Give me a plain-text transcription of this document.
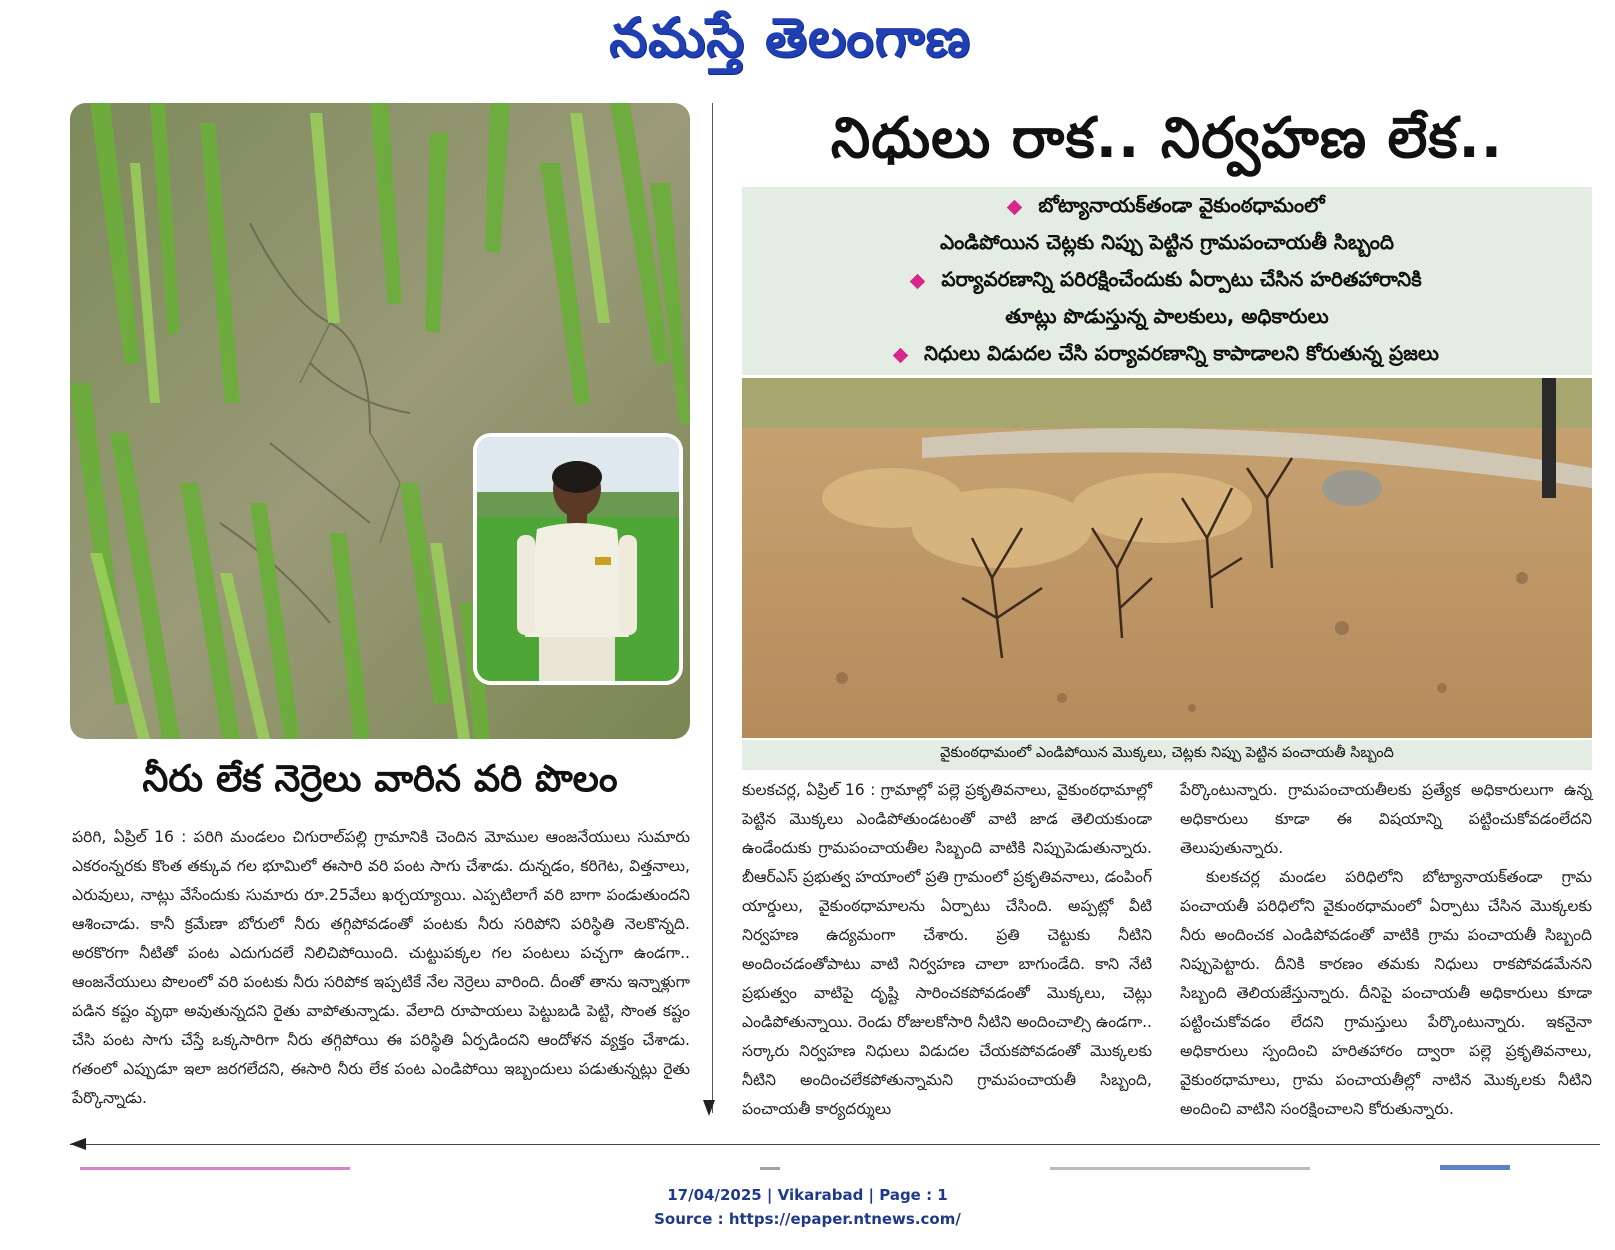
నమస్తే తెలంగాణ
నీరు లేక నెర్రెలు వారిన వరి పొలం
పరిగి, ఏప్రిల్ 16 : పరిగి మండలం చిగురాల్‌పల్లి గ్రామానికి చెందిన మోముల ఆంజనేయులు సుమారు ఎకరంన్నరకు కొంత తక్కువ గల భూమిలో ఈసారి వరి పంట సాగు చేశాడు. దున్నడం, కరిగెట, విత్తనాలు, ఎరువులు, నాట్లు వేసేందుకు సుమారు రూ.25వేలు ఖర్చయ్యాయి. ఎప్పటిలాగే వరి బాగా పండుతుందని ఆశించాడు. కానీ క్రమేణా బోరులో నీరు తగ్గిపోవడంతో పంటకు నీరు సరిపోని పరిస్థితి నెలకొన్నది. అరకొరగా నీటితో పంట ఎదుగుదలే నిలిచిపోయింది. చుట్టుపక్కల గల పంటలు పచ్చగా ఉండగా.. ఆంజనేయులు పొలంలో వరి పంటకు నీరు సరిపోక ఇప్పటికే నేల నెర్రెలు వారింది. దీంతో తాను ఇన్నాళ్లుగా పడిన కష్టం వృథా అవుతున్నదని రైతు వాపోతున్నాడు. వేలాది రూపాయలు పెట్టుబడి పెట్టి, సొంత కష్టం చేసి పంట సాగు చేస్తే ఒక్కసారిగా నీరు తగ్గిపోయి ఈ పరిస్థితి ఏర్పడిందని ఆందోళన వ్యక్తం చేశాడు. గతంలో ఎప్పుడూ ఇలా జరగలేదని, ఈసారి నీరు లేక పంట ఎండిపోయి ఇబ్బందులు పడుతున్నట్లు రైతు పేర్కొన్నాడు.
నిధులు రాక.. నిర్వహణ లేక..
బోట్యానాయక్‌తండా వైకుంఠధామంలో
ఎండిపోయిన చెట్లకు నిప్పు పెట్టిన గ్రామపంచాయతీ సిబ్బంది
పర్యావరణాన్ని పరిరక్షించేందుకు ఏర్పాటు చేసిన హరితహారానికి
తూట్లు పొడుస్తున్న పాలకులు, అధికారులు
నిధులు విడుదల చేసి పర్యావరణాన్ని కాపాడాలని కోరుతున్న ప్రజలు
వైకుంఠధామంలో ఎండిపోయిన మొక్కలు, చెట్లకు నిప్పు పెట్టిన పంచాయతీ సిబ్బంది
కులకచర్ల, ఏప్రిల్ 16 : గ్రామాల్లో పల్లె ప్రకృతివనాలు, వైకుంఠధామాల్లో పెట్టిన మొక్కలు ఎండిపోతుండటంతో వాటి జాడ తెలియకుండా ఉండేందుకు గ్రామపంచాయతీల సిబ్బంది వాటికి నిప్పుపెడుతున్నారు. బీఆర్‌ఎస్ ప్రభుత్వ హయాంలో ప్రతి గ్రామంలో ప్రకృతివనాలు, డంపింగ్ యార్డులు, వైకుంఠధామాలను ఏర్పాటు చేసింది. అప్పట్లో వీటి నిర్వహణ ఉద్యమంగా చేశారు. ప్రతి చెట్టుకు నీటిని అందించడంతోపాటు వాటి నిర్వహణ చాలా బాగుండేది. కాని నేటి ప్రభుత్వం వాటిపై దృష్టి సారించకపోవడంతో మొక్కలు, చెట్లు ఎండిపోతున్నాయి. రెండు రోజులకోసారి నీటిని అందించాల్సి ఉండగా.. సర్కారు నిర్వహణ నిధులు విడుదల చేయకపోవడంతో మొక్కలకు నీటిని అందించలేకపోతున్నామని గ్రామపంచాయతీ సిబ్బంది, పంచాయతీ కార్యదర్శులు
పేర్కొంటున్నారు. గ్రామపంచాయతీలకు ప్రత్యేక అధికారులుగా ఉన్న అధికారులు కూడా ఈ విషయాన్ని పట్టించుకోవడంలేదని తెలుపుతున్నారు.

కులకచర్ల మండల పరిధిలోని బోట్యానాయక్‌తండా గ్రామ పంచాయతీ పరిధిలోని వైకుంఠధామంలో ఏర్పాటు చేసిన మొక్కలకు నీరు అందించక ఎండిపోవడంతో వాటికి గ్రామ పంచాయతీ సిబ్బంది నిప్పుపెట్టారు. దీనికి కారణం తమకు నిధులు రాకపోవడమేనని సిబ్బంది తెలియజేస్తున్నారు. దీనిపై పంచాయతీ అధికారులు కూడా పట్టించుకోవడం లేదని గ్రామస్తులు పేర్కొంటున్నారు. ఇకనైనా అధికారులు స్పందించి హరితహారం ద్వారా పల్లె ప్రకృతివనాలు, వైకుంఠధామాలు, గ్రామ పంచాయతీల్లో నాటిన మొక్కలకు నీటిని అందించి వాటిని సంరక్షించాలని కోరుతున్నారు.

17/04/2025 | Vikarabad | Page : 1
Source : https://epaper.ntnews.com/
